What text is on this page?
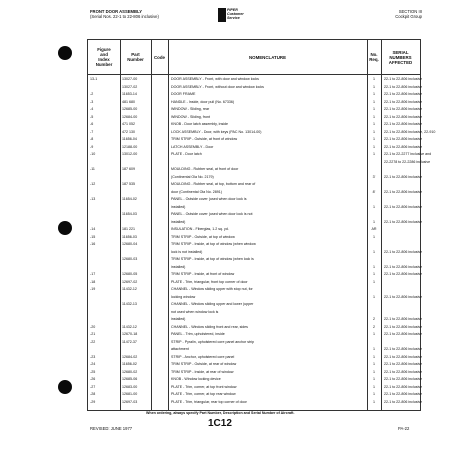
FRONT DOOR ASSEMBLY
(Serial Nos. 22-1 to 22-806 inclusive)
PIPER
Customer
Service
SECTION III
Cockpit Group
Figure
and
Index
Number
Part
Number Code	NOMENCLATURE	No.
Req.
SERIAL NUMBERS
AFFECTED
13-1	13027-00	DOOR ASSEMBLY - Front, with door and window locks	1	22-1 to 22-806 inclusive
13027-02	DOOR ASSEMBLY - Front, without door and window locks	1	22-1 to 22-806 inclusive
-2	11653-14	DOOR FRAME	1	22-1 to 22-806 inclusive
-3	481 680	HANDLE - Inside, door pull (No. 67336)	1	22-1 to 22-806 inclusive
-4	12685-00	WINDOW - Sliding, rear	1	22-1 to 22-806 inclusive
-5	12684-00	WINDOW - Sliding, front	1	22-1 to 22-806 inclusive
-6	471 052	KNOB - Door latch assembly, inside	1	22-1 to 22-806 inclusive
-7	472 130	LOCK ASSEMBLY - Door, with keys (PAC No. 13014-00)	1	22-1 to 22-806 inclusive, 22-910
-8	11656-04	TRIM STRIP - Outside, at front of window	1	22-1 to 22-806 inclusive
-9	12188-00	LATCH ASSEMBLY - Door	1	22-1 to 22-806 inclusive
-10	13012-00	PLATE - Door latch	1	22-1 to 22-2277 inclusive and
22-2278 to 22-2286 inclusive
-11	187 609	MOULDING - Rubber seal, at front of door
(Continental Ola No. 2179)	3'	22-1 to 22-806 inclusive
-12	187 535	MOULDING - Rubber seal, at top, bottom and rear of
door (Continental Ola No. 2891)	8'	22-1 to 22-806 inclusive
-13	11654-02	PANEL - Outside cover (used when door lock is
installed)	1	22-1 to 22-806 inclusive
11654-03	PANEL - Outside cover (used when door lock is not
installed)	1	22-1 to 22-806 inclusive
-14	181 221	INSULATION - Fiberglas, 1.2 sq. yd.	AR
-15	11656-03	TRIM STRIP - Outside, at top of window	1
-16	12680-04	TRIM STRIP - Inside, at top of window (when window
lock is not installed)	1	22-1 to 22-806 inclusive
12680-03	TRIM STRIP - Inside, at top of window (when lock is
installed)	1	22-1 to 22-806 inclusive
-17	12680-05	TRIM STRIP - Inside, at front of window	1	22-1 to 22-806 inclusive
-18	12697-02	PLATE - Trim, triangular, front top corner of door	1
-19	11432-12	CHANNEL - Window sliding upper with stop nut, for
locking window	1	22-1 to 22-806 inclusive
11432-13	CHANNEL - Window sliding upper and lower (upper
not used when window lock is
installed)	2	22-1 to 22-806 inclusive
-20	11432-12	CHANNEL - Window sliding front and rear, sides	2	22-1 to 22-806 inclusive
-21	12670-18	PANEL - Trim, upholstered, inside	1	22-1 to 22-806 inclusive
-22	11472-37	STRIP - Pyralin, upholstered core panel anchor strip
attachment	1	22-1 to 22-806 inclusive
-23	12684-02	STRIP - Anchor, upholstered core panel	1	22-1 to 22-806 inclusive
-24	11656-02	TRIM STRIP - Outside, at rear of window	1	22-1 to 22-806 inclusive
-25	12680-02	TRIM STRIP - Inside, at rear of window	1	22-1 to 22-806 inclusive
-26	12685-06	KNOB - Window locking device	1	22-1 to 22-806 inclusive
-27	12683-00	PLATE - Trim, corner, at top front window	1	22-1 to 22-806 inclusive
-28	12681-00	PLATE - Trim, corner, at top rear window	1	22-1 to 22-806 inclusive
-29	12697-03	PLATE - Trim, triangular, rear top corner of door	1	22-1 to 22-806 inclusive
When ordering, always specify Part Number, Description and Serial Number of Aircraft.
REVISED: JUNE 1977	1C12	PA-22
